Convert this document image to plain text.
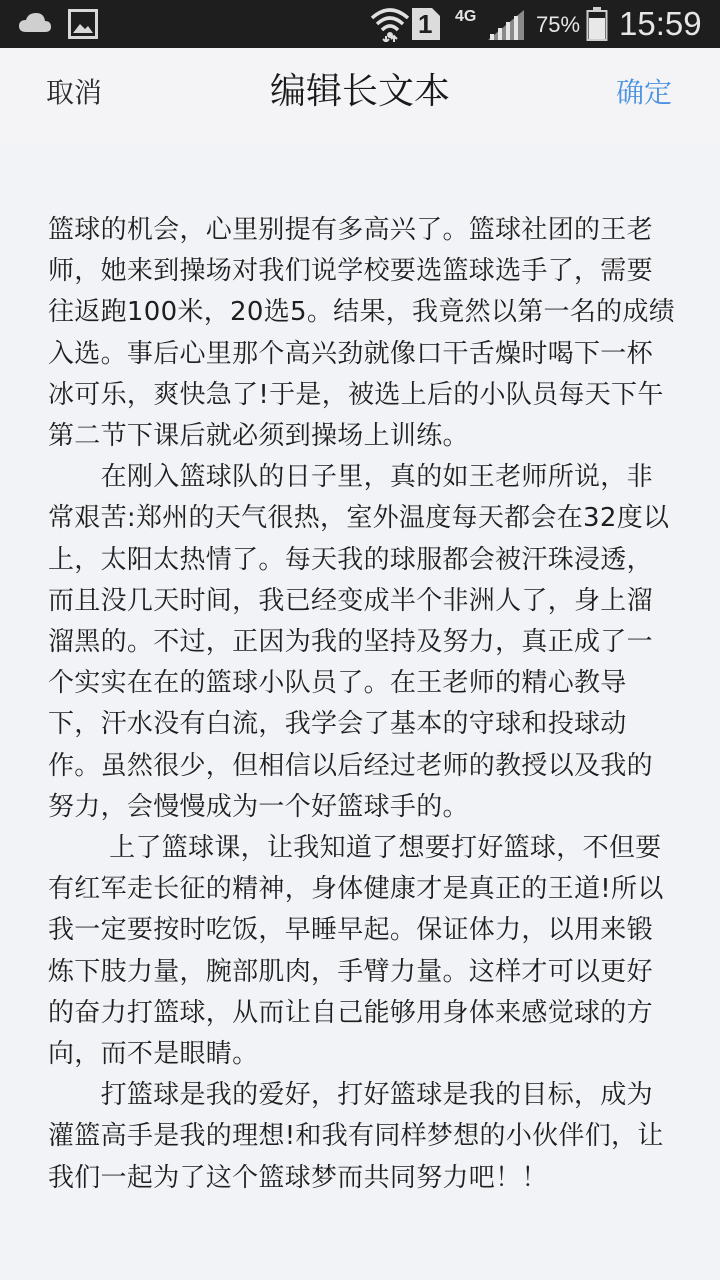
1 4G	75% 15:59
取消	编辑长文本	确定

篮球的机会，心里别提有多高兴了。篮球社团的王老师，她来到操场对我们说学校要选篮球选手了，需要往返跑100米，20选5。结果，我竟然以第一名的成绩入选。事后心里那个高兴劲就像口干舌燥时喝下一杯冰可乐，爽快急了!于是，被选上后的小队员每天下午第二节下课后就必须到操场上训练。

　　在刚入篮球队的日子里，真的如王老师所说，非常艰苦:郑州的天气很热，室外温度每天都会在32度以上，太阳太热情了。每天我的球服都会被汗珠浸透，而且没几天时间，我已经变成半个非洲人了，身上溜溜黑的。不过，正因为我的坚持及努力，真正成了一个实实在在的篮球小队员了。在王老师的精心教导下，汗水没有白流，我学会了基本的守球和投球动作。虽然很少，但相信以后经过老师的教授以及我的努力，会慢慢成为一个好篮球手的。

　　 上了篮球课，让我知道了想要打好篮球，不但要有红军走长征的精神，身体健康才是真正的王道!所以我一定要按时吃饭，早睡早起。保证体力，以用来锻炼下肢力量，腕部肌肉，手臂力量。这样才可以更好的奋力打篮球，从而让自己能够用身体来感觉球的方向，而不是眼睛。

　　打篮球是我的爱好，打好篮球是我的目标，成为灌篮高手是我的理想!和我有同样梦想的小伙伴们，让我们一起为了这个篮球梦而共同努力吧！！
